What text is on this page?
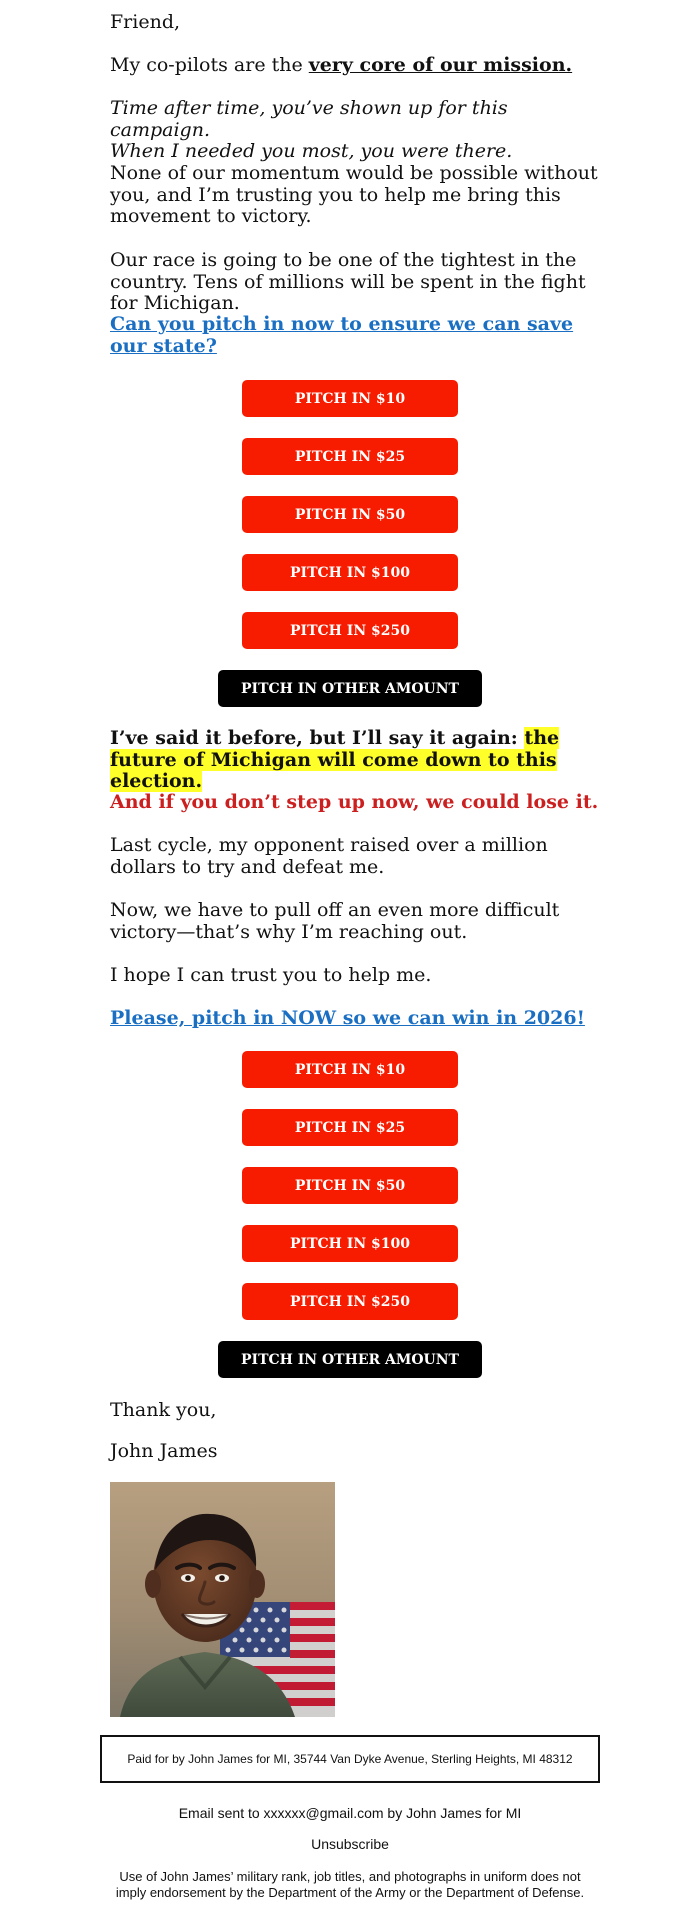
Friend,

My co-pilots are the very core of our mission.

Time after time, you’ve shown up for this campaign.
When I needed you most, you were there.

None of our momentum would be possible without you, and I’m trusting you to help me bring this movement to victory.

Our race is going to be one of the tightest in the country. Tens of millions will be spent in the fight for Michigan.

Can you pitch in now to ensure we can save our state?

PITCH IN $10
PITCH IN $25
PITCH IN $50
PITCH IN $100
PITCH IN $250
PITCH IN OTHER AMOUNT

I’ve said it before, but I’ll say it again: the future of Michigan will come down to this election.

And if you don’t step up now, we could lose it.

Last cycle, my opponent raised over a million dollars to try and defeat me.

Now, we have to pull off an even more difficult victory—that’s why I’m reaching out.

I hope I can trust you to help me.

Please, pitch in NOW so we can win in 2026!

PITCH IN $10
PITCH IN $25
PITCH IN $50
PITCH IN $100
PITCH IN $250
PITCH IN OTHER AMOUNT

Thank you,

John James

Paid for by John James for MI, 35744 Van Dyke Avenue, Sterling Heights, MI 48312
Email sent to xxxxxx@gmail.com by John James for MI
Unsubscribe
Use of John James’ military rank, job titles, and photographs in uniform does not imply endorsement by the Department of the Army or the Department of Defense.
